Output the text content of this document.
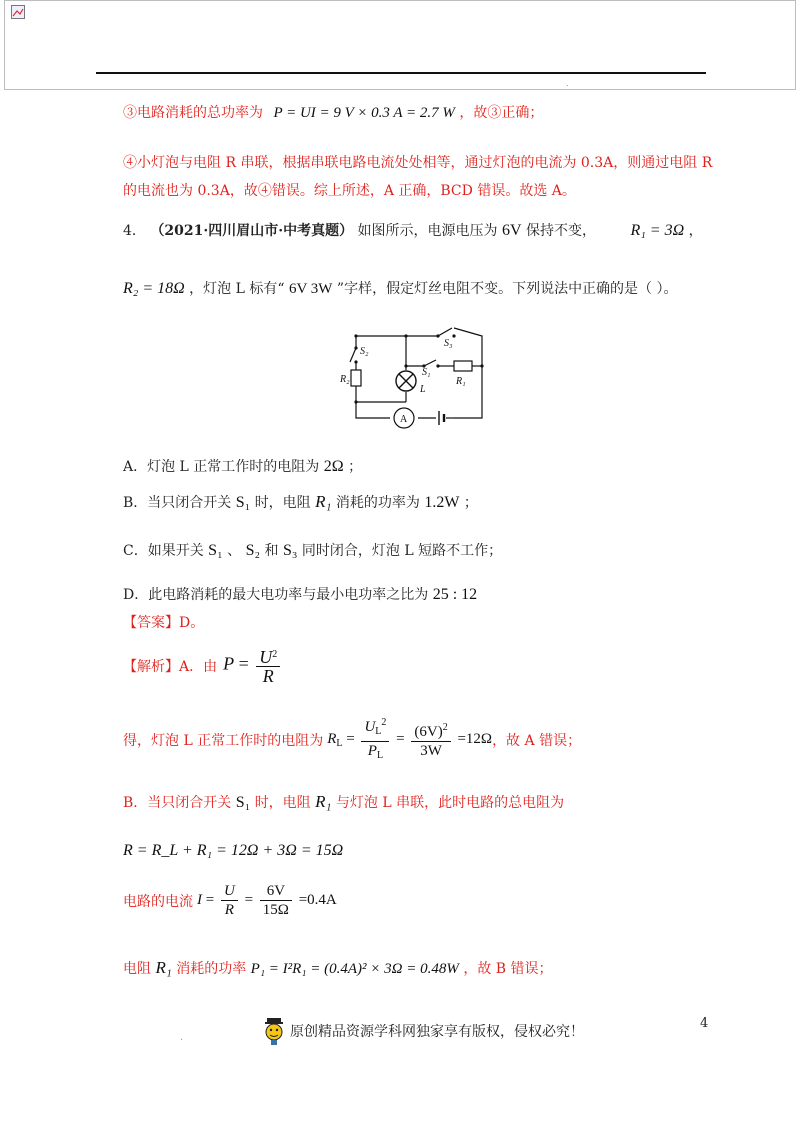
.
③电路消耗的总功率为 P = UI = 9 V × 0.3 A = 2.7 W ，故③正确；
④小灯泡与电阻 R 串联，根据串联电路电流处处相等，通过灯泡的电流为 0.3A，则通过电阻 R
的电流也为 0.3A，故④错误。综上所述，A 正确，BCD 错误。故选 A。
4． （2021·四川眉山市·中考真题） 如图所示，电源电压为 6V 保持不变， R₁ = 3Ω ，
R₂ = 18Ω ，灯泡 L 标有“ 6V 3W ”字样，假定灯丝电阻不变。下列说法中正确的是（ ）。
S₂
R₂
L
S₁
R₁
S₃
A
A．灯泡 L 正常工作时的电阻为 2Ω ；
B．当只闭合开关 S₁ 时，电阻 R₁ 消耗的功率为 1.2W ；
C．如果开关 S₁ 、 S₂ 和 S₃ 同时闭合，灯泡 L 短路不工作；
D．此电路消耗的最大电功率与最小电功率之比为 25 : 12
【答案】D。
【解析】A．由 $P = \frac{U^2}{R}$
得，灯泡 L 正常工作时的电阻为 $R_L = \frac{U_L^2}{P_L} = \frac{(6V)^2}{3W} =12\Omega$ ，故 A 错误；
B．当只闭合开关 S₁ 时，电阻 R₁ 与灯泡 L 串联，此时电路的总电阻为
R = R_L + R₁ = 12Ω + 3Ω = 15Ω
电路的电流 $I = \frac{U}{R} = \frac{6V}{15\Omega} =0.4A$
电阻 R₁ 消耗的功率 P₁ = I²R₁ = (0.4A)² × 3Ω = 0.48W ，故 B 错误；
4
.	原创精品资源学科网独家享有版权，侵权必究！
